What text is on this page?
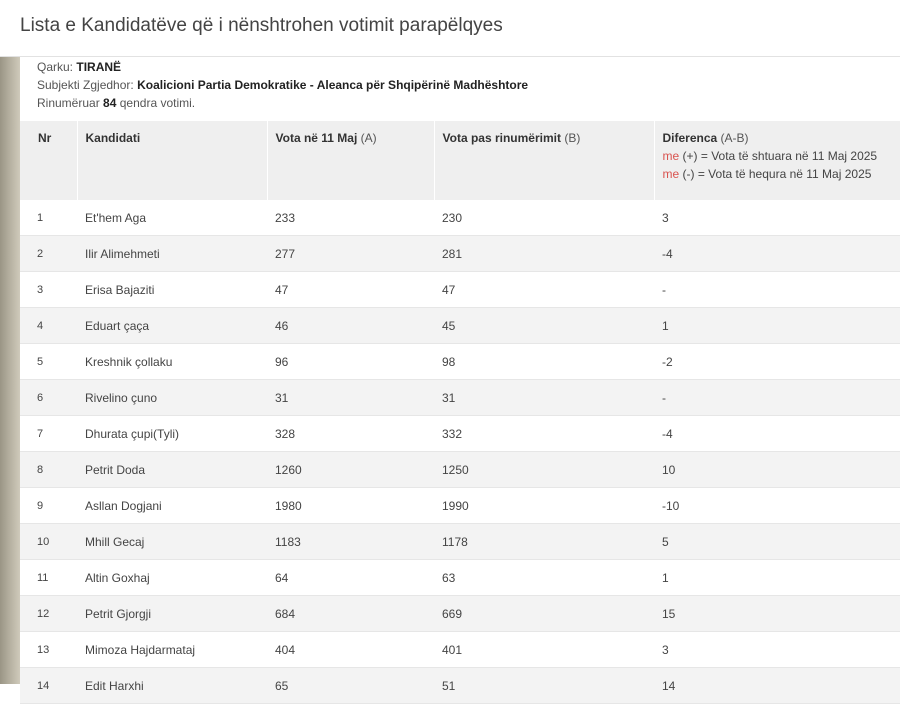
Lista e Kandidatëve që i nënshtrohen votimit parapëlqyes
Qarku: TIRANË
Subjekti Zgjedhor: Koalicioni Partia Demokratike - Aleanca për Shqipërinë Madhështore
Rinumëruar 84 qendra votimi.
Nr	Kandidati	Vota në 11 Maj (A)	Vota pas rinumërimit (B)	Diferenca (A-B)
me (+) = Vota të shtuara në 11 Maj 2025
me (-) = Vota të hequra në 11 Maj 2025

1	Et'hem Aga	233	230	3
2	Ilir Alimehmeti	277	281	-4
3	Erisa Bajaziti	47	47	-
4	Eduart çaça	46	45	1
5	Kreshnik çollaku	96	98	-2
6	Rivelino çuno	31	31	-
7	Dhurata çupi(Tyli)	328	332	-4
8	Petrit Doda	1260	1250	10
9	Asllan Dogjani	1980	1990	-10
10	Mhill Gecaj	1183	1178	5
11	Altin Goxhaj	64	63	1
12	Petrit Gjorgji	684	669	15
13	Mimoza Hajdarmataj	404	401	3
14	Edit Harxhi	65	51	14
